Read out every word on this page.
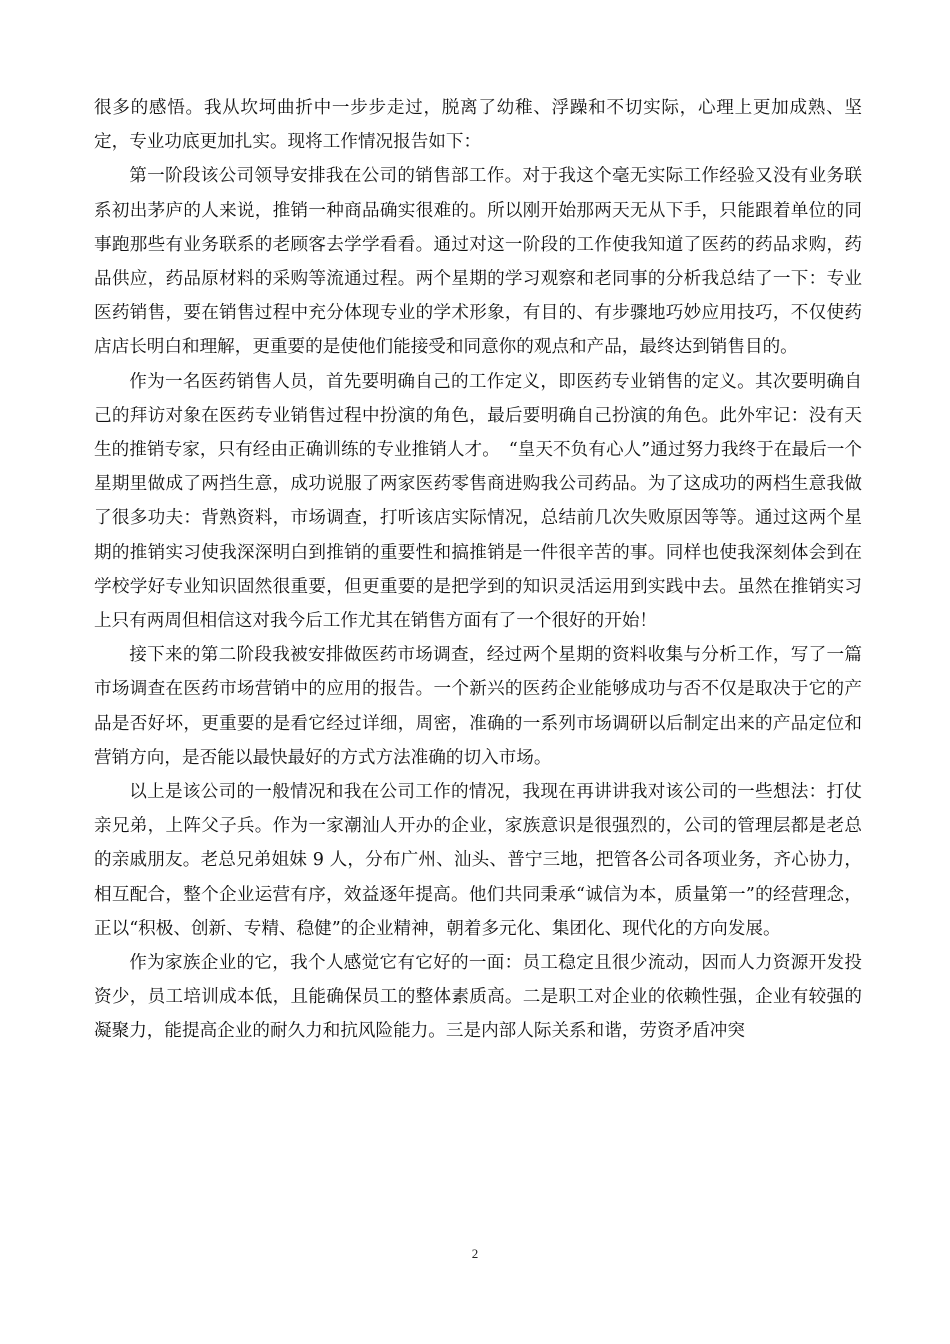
很多的感悟。我从坎坷曲折中一步步走过，脱离了幼稚、浮躁和不切实际，心理上更加成熟、坚定，专业功底更加扎实。现将工作情况报告如下：

第一阶段该公司领导安排我在公司的销售部工作。对于我这个毫无实际工作经验又没有业务联系初出茅庐的人来说，推销一种商品确实很难的。所以刚开始那两天无从下手，只能跟着单位的同事跑那些有业务联系的老顾客去学学看看。通过对这一阶段的工作使我知道了医药的药品求购，药品供应，药品原材料的采购等流通过程。两个星期的学习观察和老同事的分析我总结了一下：专业医药销售，要在销售过程中充分体现专业的学术形象，有目的、有步骤地巧妙应用技巧，不仅使药店店长明白和理解，更重要的是使他们能接受和同意你的观点和产品，最终达到销售目的。

作为一名医药销售人员，首先要明确自己的工作定义，即医药专业销售的定义。其次要明确自己的拜访对象在医药专业销售过程中扮演的角色，最后要明确自己扮演的角色。此外牢记：没有天生的推销专家，只有经由正确训练的专业推销人才。　“皇天不负有心人”通过努力我终于在最后一个星期里做成了两挡生意，成功说服了两家医药零售商进购我公司药品。为了这成功的两档生意我做了很多功夫：背熟资料，市场调查，打听该店实际情况，总结前几次失败原因等等。通过这两个星期的推销实习使我深深明白到推销的重要性和搞推销是一件很辛苦的事。同样也使我深刻体会到在学校学好专业知识固然很重要，但更重要的是把学到的知识灵活运用到实践中去。虽然在推销实习上只有两周但相信这对我今后工作尤其在销售方面有了一个很好的开始！

接下来的第二阶段我被安排做医药市场调查，经过两个星期的资料收集与分析工作，写了一篇市场调查在医药市场营销中的应用的报告。一个新兴的医药企业能够成功与否不仅是取决于它的产品是否好坏，更重要的是看它经过详细，周密，准确的一系列市场调研以后制定出来的产品定位和营销方向，是否能以最快最好的方式方法准确的切入市场。

以上是该公司的一般情况和我在公司工作的情况，我现在再讲讲我对该公司的一些想法：打仗亲兄弟，上阵父子兵。作为一家潮汕人开办的企业，家族意识是很强烈的，公司的管理层都是老总的亲戚朋友。老总兄弟姐妹 9 人，分布广州、汕头、普宁三地，把管各公司各项业务，齐心协力，相互配合，整个企业运营有序，效益逐年提高。他们共同秉承“诚信为本，质量第一”的经营理念，正以“积极、创新、专精、稳健”的企业精神，朝着多元化、集团化、现代化的方向发展。

作为家族企业的它，我个人感觉它有它好的一面：员工稳定且很少流动，因而人力资源开发投资少，员工培训成本低，且能确保员工的整体素质高。二是职工对企业的依赖性强，企业有较强的凝聚力，能提高企业的耐久力和抗风险能力。三是内部人际关系和谐，劳资矛盾冲突

2
